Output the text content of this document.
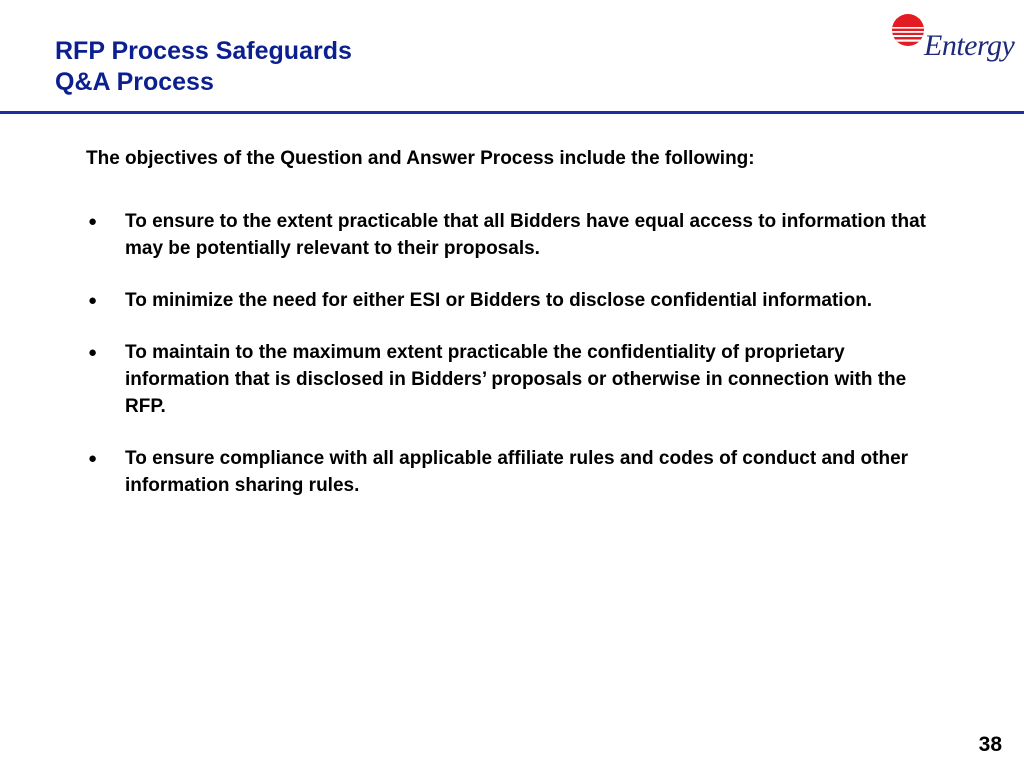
RFP Process Safeguards
Q&A Process
Entergy

The objectives of the Question and Answer Process include the following:

● To ensure to the extent practicable that all Bidders have equal access to information that may be potentially relevant to their proposals.
● To minimize the need for either ESI or Bidders to disclose confidential information.
● To maintain to the maximum extent practicable the confidentiality of proprietary information that is disclosed in Bidders’ proposals or otherwise in connection with the RFP.
● To ensure compliance with all applicable affiliate rules and codes of conduct and other information sharing rules.
38
